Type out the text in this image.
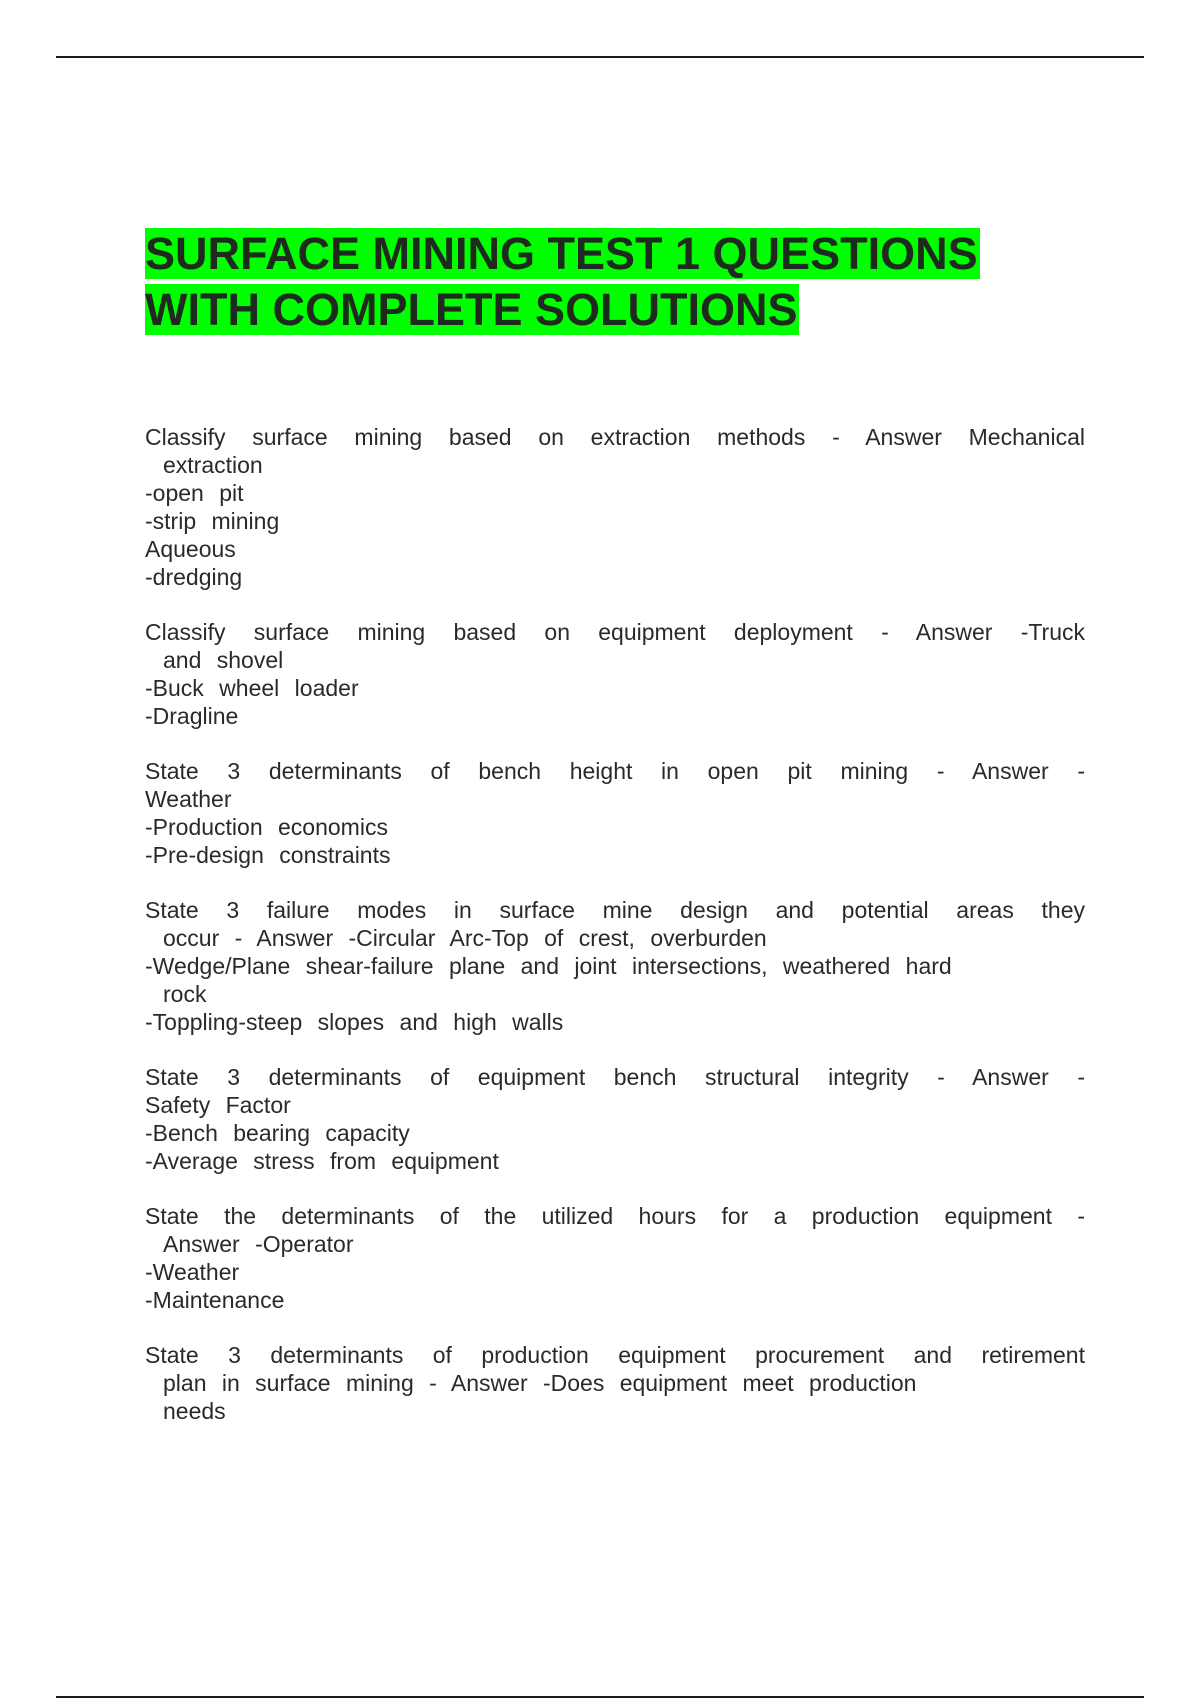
SURFACE MINING TEST 1 QUESTIONS
WITH COMPLETE SOLUTIONS
Classify surface mining based on extraction methods - Answer Mechanical
extraction
-open pit
-strip mining
Aqueous
-dredging
Classify surface mining based on equipment deployment - Answer -Truck
and shovel
-Buck wheel loader
-Dragline
State 3 determinants of bench height in open pit mining - Answer -
Weather
-Production economics
-Pre-design constraints
State 3 failure modes in surface mine design and potential areas they
occur - Answer -Circular Arc-Top of crest, overburden
-Wedge/Plane shear-failure plane and joint intersections, weathered hard
rock
-Toppling-steep slopes and high walls
State 3 determinants of equipment bench structural integrity - Answer -
Safety Factor
-Bench bearing capacity
-Average stress from equipment
State the determinants of the utilized hours for a production equipment -
Answer -Operator
-Weather
-Maintenance
State 3 determinants of production equipment procurement and retirement
plan in surface mining - Answer -Does equipment meet production
needs
